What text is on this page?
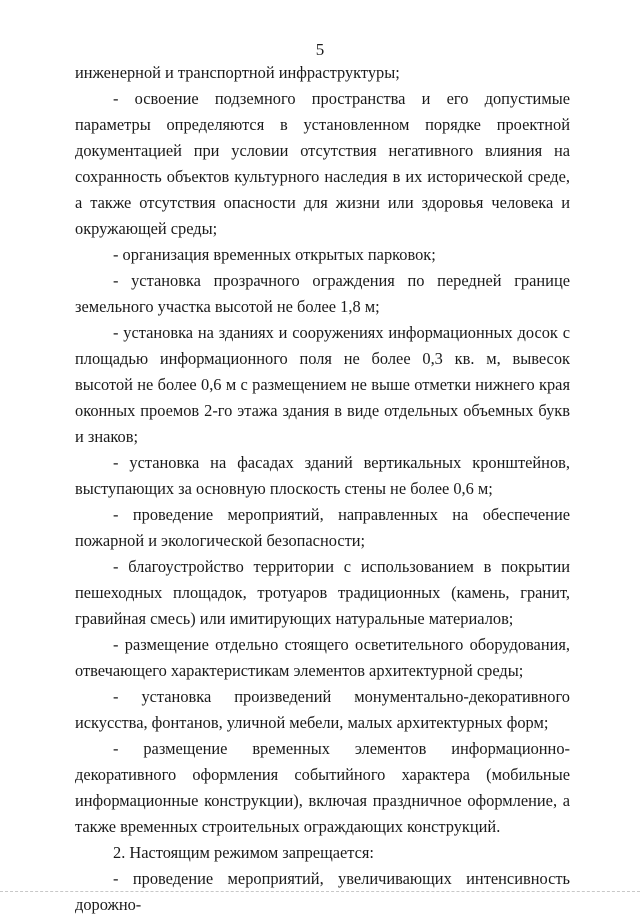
5

инженерной и транспортной инфраструктуры;

- освоение подземного пространства и его допустимые параметры определяются в установленном порядке проектной документацией при условии отсутствия негативного влияния на сохранность объектов культурного наследия в их исторической среде, а также отсутствия опасности для жизни или здоровья человека и окружающей среды;

- организация временных открытых парковок;

- установка прозрачного ограждения по передней границе земельного участка высотой не более 1,8 м;

- установка на зданиях и сооружениях информационных досок с площадью информационного поля не более 0,3 кв. м, вывесок высотой не более 0,6 м с размещением не выше отметки нижнего края оконных проемов 2-го этажа здания в виде отдельных объемных букв и знаков;

- установка на фасадах зданий вертикальных кронштейнов, выступающих за основную плоскость стены не более 0,6 м;

- проведение мероприятий, направленных на обеспечение пожарной и экологической безопасности;

- благоустройство территории с использованием в покрытии пешеходных площадок, тротуаров традиционных (камень, гранит, гравийная смесь) или имитирующих натуральные материалов;

- размещение отдельно стоящего осветительного оборудования, отвечающего характеристикам элементов архитектурной среды;

- установка произведений монументально-декоративного искусства, фонтанов, уличной мебели, малых архитектурных форм;

- размещение временных элементов информационно-декоративного оформления событийного характера (мобильные информационные конструкции), включая праздничное оформление, а также временных строительных ограждающих конструкций.

2. Настоящим режимом запрещается:

- проведение мероприятий, увеличивающих интенсивность дорожно-
